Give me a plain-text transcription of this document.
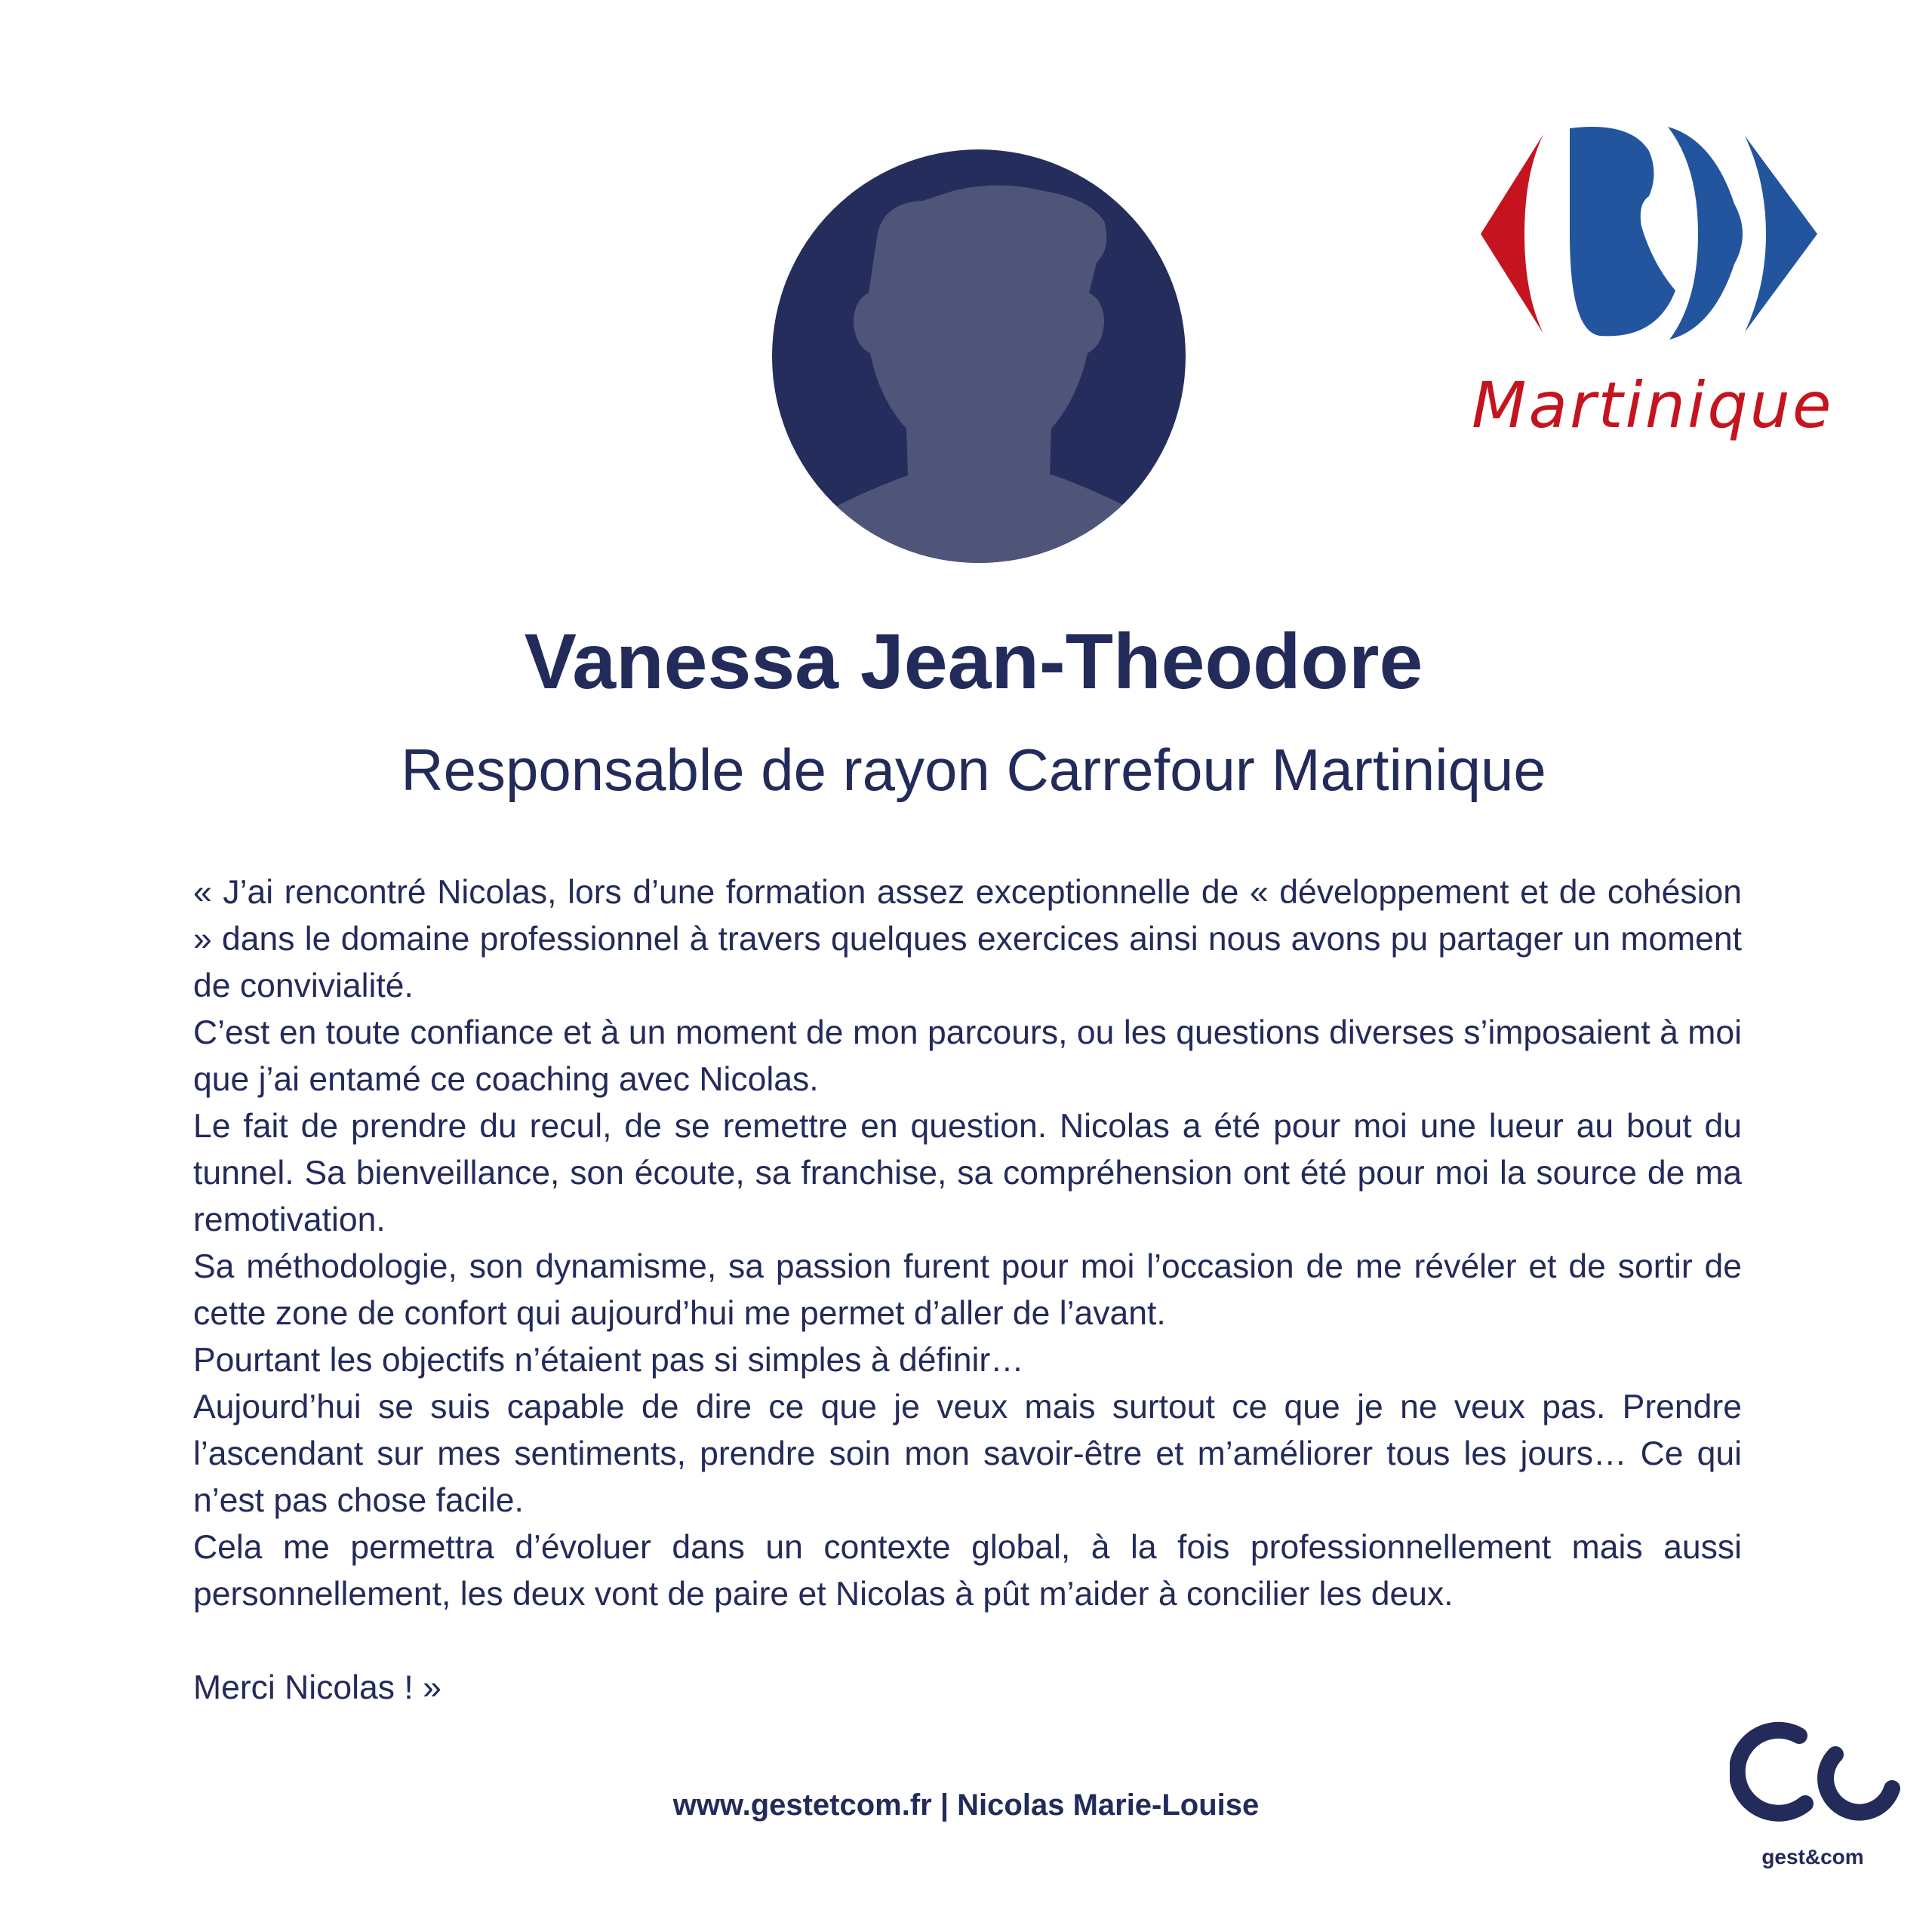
Martinique
Vanessa Jean-Theodore
Responsable de rayon Carrefour Martinique

« J’ai rencontré Nicolas, lors d’une formation assez exceptionnelle de « développement et de cohésion » dans le domaine professionnel à travers quelques exercices ainsi nous avons pu partager un moment de convivialité.

C’est en toute confiance et à un moment de mon parcours, ou les questions diverses s’imposaient à moi que j’ai entamé ce coaching avec Nicolas.

Le fait de prendre du recul, de se remettre en question. Nicolas a été pour moi une lueur au bout du tunnel. Sa bienveillance, son écoute, sa franchise, sa compréhension ont été pour moi la source de ma remotivation.

Sa méthodologie, son dynamisme, sa passion furent pour moi l’occasion de me révéler et de sortir de cette zone de confort qui aujourd’hui me permet d’aller de l’avant.

Pourtant les objectifs n’étaient pas si simples à définir…

Aujourd’hui se suis capable de dire ce que je veux mais surtout ce que je ne veux pas. Prendre l’ascendant sur mes sentiments, prendre soin mon savoir-être et m’améliorer tous les jours… Ce qui n’est pas chose facile.

Cela me permettra d’évoluer dans un contexte global, à la fois professionnellement mais aussi personnellement, les deux vont de paire et Nicolas à pût m’aider à concilier les deux.

Merci Nicolas ! »

www.gestetcom.fr | Nicolas Marie-Louise
gest&com
